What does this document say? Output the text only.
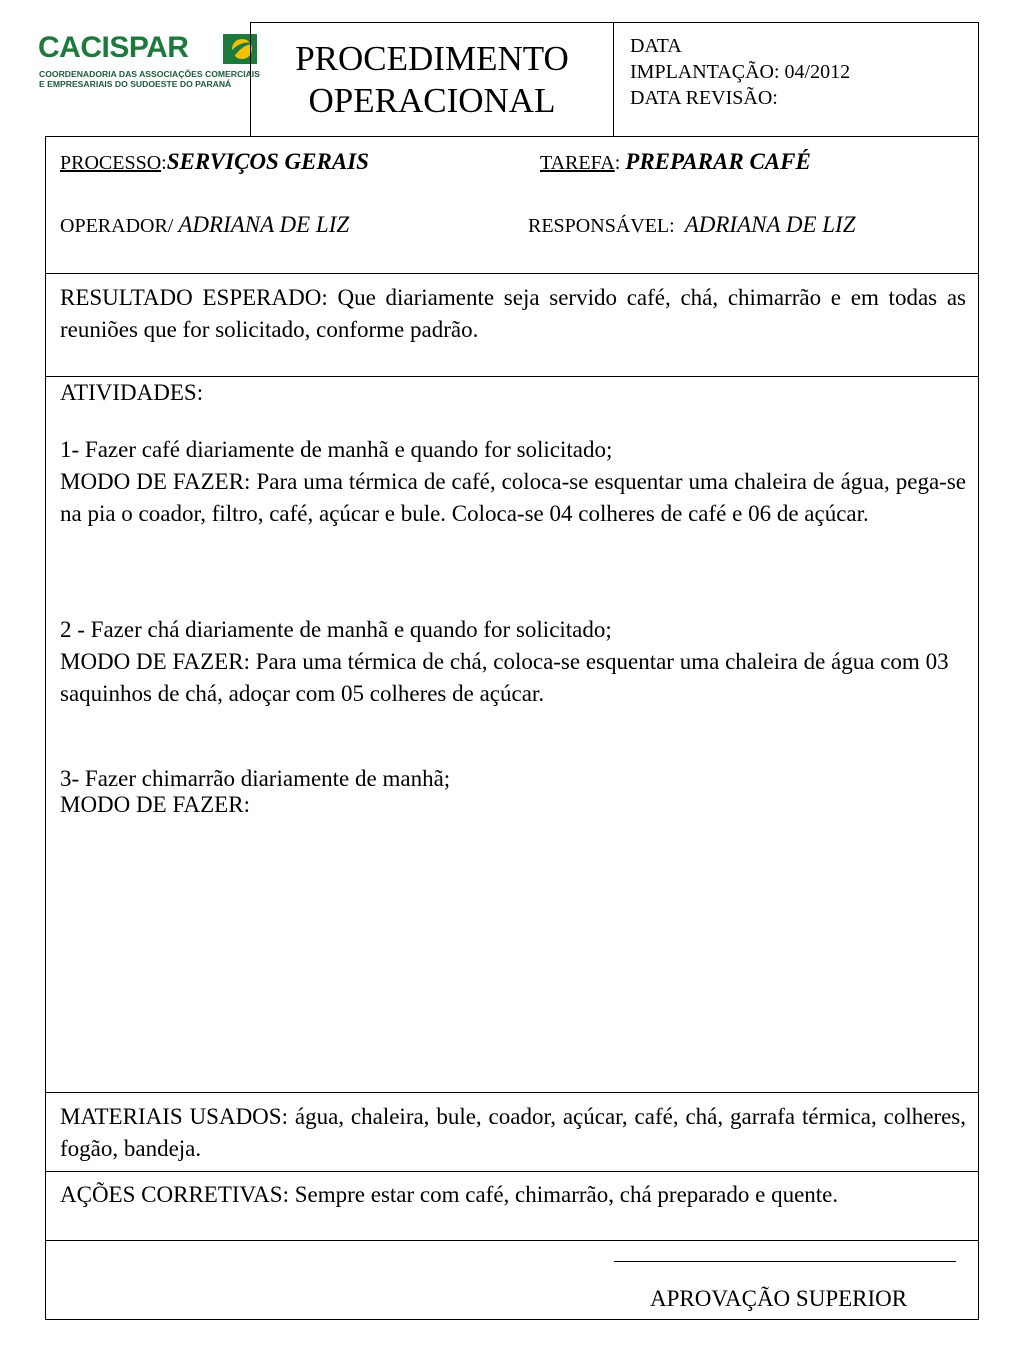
CACISPAR
COORDENADORIA DAS ASSOCIAÇÕES COMERCIAIS
E EMPRESARIAIS DO SUDOESTE DO PARANÁ
PROCEDIMENTO
OPERACIONAL
DATA
IMPLANTAÇÃO: 04/2012
DATA REVISÃO:
PROCESSO:SERVIÇOS GERAIS	TAREFA: PREPARAR CAFÉ
OPERADOR/ ADRIANA DE LIZ	RESPONSÁVEL:  ADRIANA DE LIZ
RESULTADO ESPERADO: Que diariamente seja servido café, chá, chimarrão e em todas as reuniões que for solicitado, conforme padrão.
ATIVIDADES:
1- Fazer café diariamente de manhã e quando for solicitado;
MODO DE FAZER: Para uma térmica de café, coloca-se esquentar uma chaleira de água, pega-se na pia o coador, filtro, café, açúcar e bule. Coloca-se 04 colheres de café e 06 de açúcar.
2 - Fazer chá diariamente de manhã e quando for solicitado;
MODO DE FAZER: Para uma térmica de chá, coloca-se esquentar uma chaleira de água com 03 saquinhos de chá, adoçar com 05 colheres de açúcar.
3- Fazer chimarrão diariamente de manhã;
MODO DE FAZER:
MATERIAIS USADOS: água, chaleira, bule, coador, açúcar, café, chá, garrafa térmica, colheres, fogão, bandeja.
AÇÕES CORRETIVAS: Sempre estar com café, chimarrão, chá preparado e quente.
APROVAÇÃO SUPERIOR
